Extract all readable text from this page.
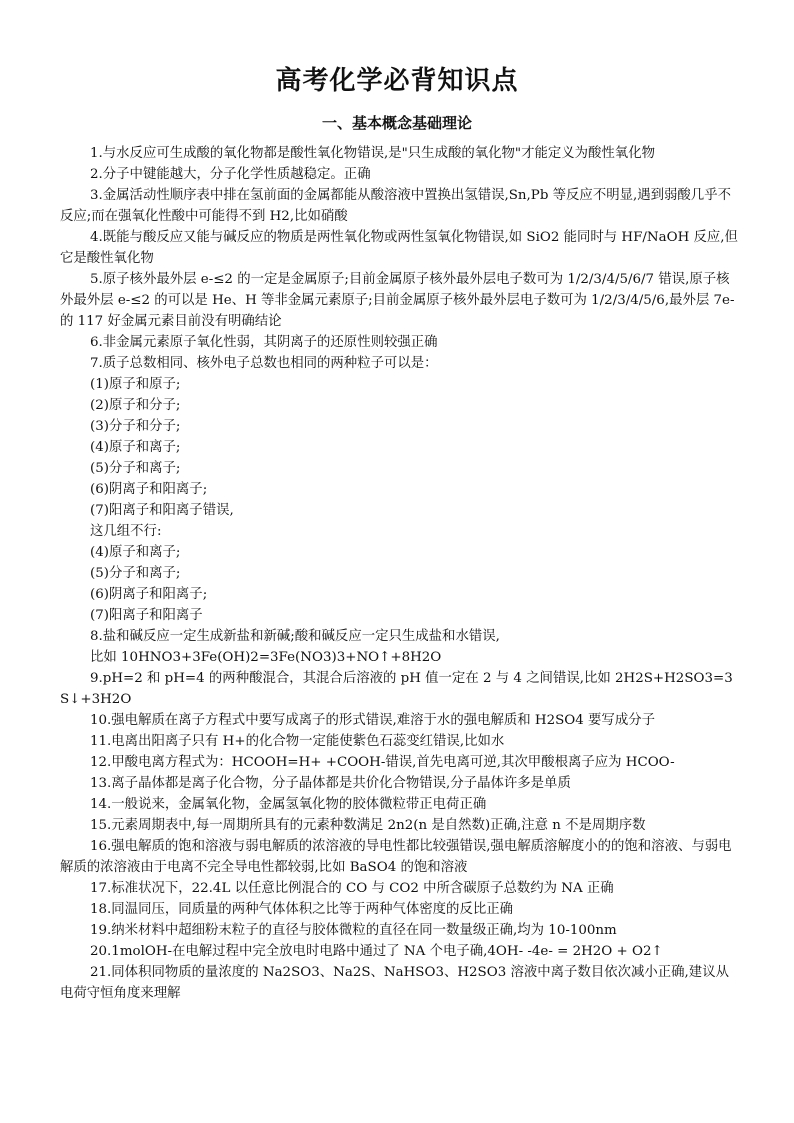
高考化学必背知识点
一、基本概念基础理论

1.与水反应可生成酸的氧化物都是酸性氧化物错误,是"只生成酸的氧化物"才能定义为酸性氧化物

2.分子中键能越大，分子化学性质越稳定。正确

3.金属活动性顺序表中排在氢前面的金属都能从酸溶液中置换出氢错误,Sn,Pb 等反应不明显,遇到弱酸几乎不反应;而在强氧化性酸中可能得不到 H2,比如硝酸

4.既能与酸反应又能与碱反应的物质是两性氧化物或两性氢氧化物错误,如 SiO2 能同时与 HF/NaOH 反应,但它是酸性氧化物

5.原子核外最外层 e-≤2 的一定是金属原子;目前金属原子核外最外层电子数可为 1/2/3/4/5/6/7 错误,原子核外最外层 e-≤2 的可以是 He、H 等非金属元素原子;目前金属原子核外最外层电子数可为 1/2/3/4/5/6,最外层 7e-的 117 好金属元素目前没有明确结论

6.非金属元素原子氧化性弱，其阴离子的还原性则较强正确

7.质子总数相同、核外电子总数也相同的两种粒子可以是：

(1)原子和原子;

(2)原子和分子;

(3)分子和分子;

(4)原子和离子;

(5)分子和离子;

(6)阴离子和阳离子;

(7)阳离子和阳离子错误,

这几组不行:

(4)原子和离子;

(5)分子和离子;

(6)阴离子和阳离子;

(7)阳离子和阳离子

8.盐和碱反应一定生成新盐和新碱;酸和碱反应一定只生成盐和水错误,

比如 10HNO3+3Fe(OH)2=3Fe(NO3)3+NO↑+8H2O

9.pH=2 和 pH=4 的两种酸混合，其混合后溶液的 pH 值一定在 2 与 4 之间错误,比如 2H2S+H2SO3=3S↓+3H2O

10.强电解质在离子方程式中要写成离子的形式错误,难溶于水的强电解质和 H2SO4 要写成分子

11.电离出阳离子只有 H+的化合物一定能使紫色石蕊变红错误,比如水

12.甲酸电离方程式为：HCOOH=H+ +COOH-错误,首先电离可逆,其次甲酸根离子应为 HCOO-

13.离子晶体都是离子化合物，分子晶体都是共价化合物错误,分子晶体许多是单质

14.一般说来，金属氧化物，金属氢氧化物的胶体微粒带正电荷正确

15.元素周期表中,每一周期所具有的元素种数满足 2n2(n 是自然数)正确,注意 n 不是周期序数

16.强电解质的饱和溶液与弱电解质的浓溶液的导电性都比较强错误,强电解质溶解度小的的饱和溶液、与弱电解质的浓溶液由于电离不完全导电性都较弱,比如 BaSO4 的饱和溶液

17.标准状况下，22.4L 以任意比例混合的 CO 与 CO2 中所含碳原子总数约为 NA 正确

18.同温同压，同质量的两种气体体积之比等于两种气体密度的反比正确

19.纳米材料中超细粉末粒子的直径与胶体微粒的直径在同一数量级正确,均为 10-100nm

20.1molOH-在电解过程中完全放电时电路中通过了 NA 个电子确,4OH- -4e- = 2H2O + O2↑

21.同体积同物质的量浓度的 Na2SO3、Na2S、NaHSO3、H2SO3 溶液中离子数目依次减小正确,建议从电荷守恒角度来理解
